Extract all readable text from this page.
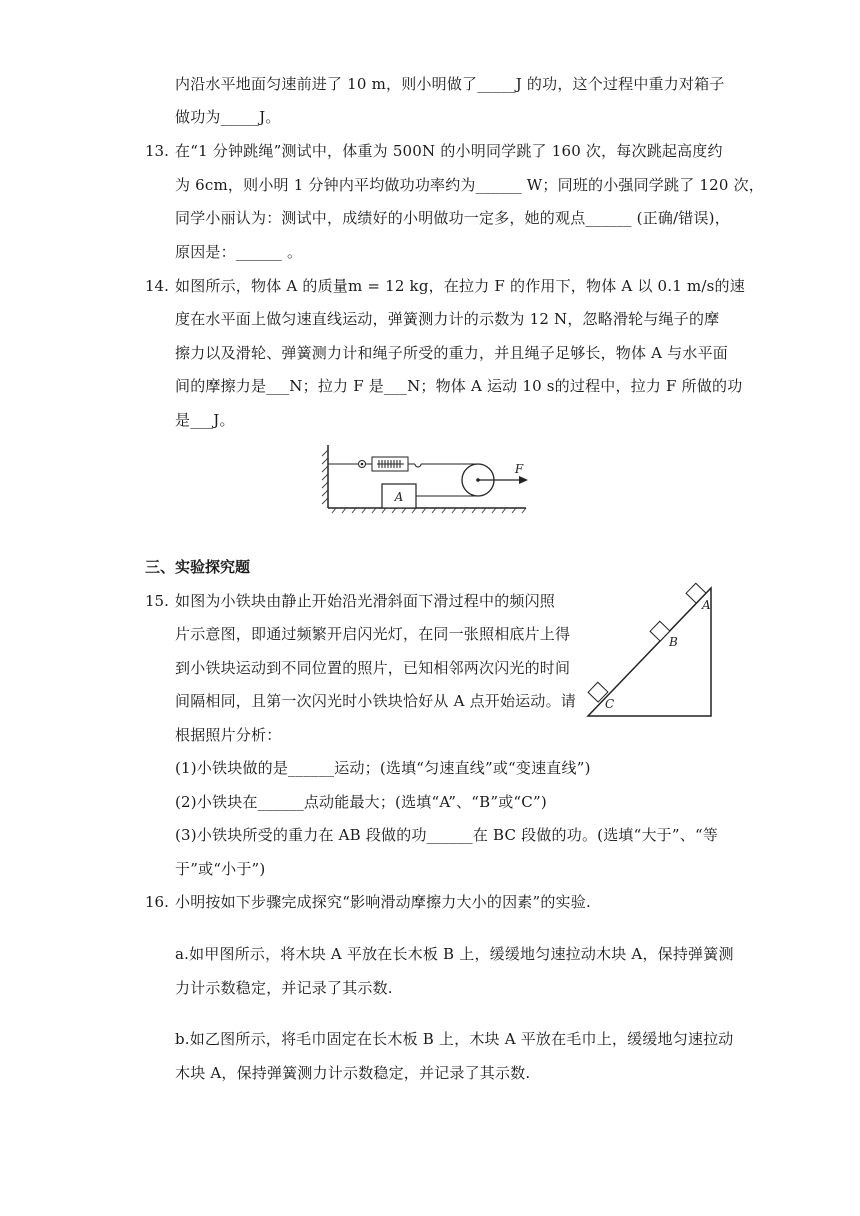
内沿水平地面匀速前进了 10 m，则小明做了_____J 的功，这个过程中重力对箱子
做功为_____J。
13. 在“1 分钟跳绳”测试中，体重为 500N 的小明同学跳了 160 次，每次跳起高度约
为 6cm，则小明 1 分钟内平均做功功率约为______ W；同班的小强同学跳了 120 次，
同学小丽认为：测试中，成绩好的小明做功一定多，她的观点______ (正确/错误)，
原因是：______ 。
14. 如图所示，物体 A 的质量m = 12 kg，在拉力 F 的作用下，物体 A 以 0.1 m/s的速
度在水平面上做匀速直线运动，弹簧测力计的示数为 12 N，忽略滑轮与绳子的摩
擦力以及滑轮、弹簧测力计和绳子所受的重力，并且绳子足够长，物体 A 与水平面
间的摩擦力是___N；拉力 F 是___N；物体 A 运动 10 s的过程中，拉力 F 所做的功
是___J。
A
F
三、实验探究题
15. 如图为小铁块由静止开始沿光滑斜面下滑过程中的频闪照
片示意图，即通过频繁开启闪光灯，在同一张照相底片上得
到小铁块运动到不同位置的照片，已知相邻两次闪光的时间
间隔相同，且第一次闪光时小铁块恰好从 A 点开始运动。请
根据照片分析：
(1)小铁块做的是______运动；(选填“匀速直线”或“变速直线”)
(2)小铁块在______点动能最大；(选填“A”、“B”或“C”)
(3)小铁块所受的重力在 AB 段做的功______在 BC 段做的功。(选填“大于”、“等
于”或“小于”)
A
B
C
16. 小明按如下步骤完成探究“影响滑动摩擦力大小的因素”的实验.
a.如甲图所示，将木块 A 平放在长木板 B 上，缓缓地匀速拉动木块 A，保持弹簧测
力计示数稳定，并记录了其示数.
b.如乙图所示，将毛巾固定在长木板 B 上，木块 A 平放在毛巾上，缓缓地匀速拉动
木块 A，保持弹簧测力计示数稳定，并记录了其示数.
